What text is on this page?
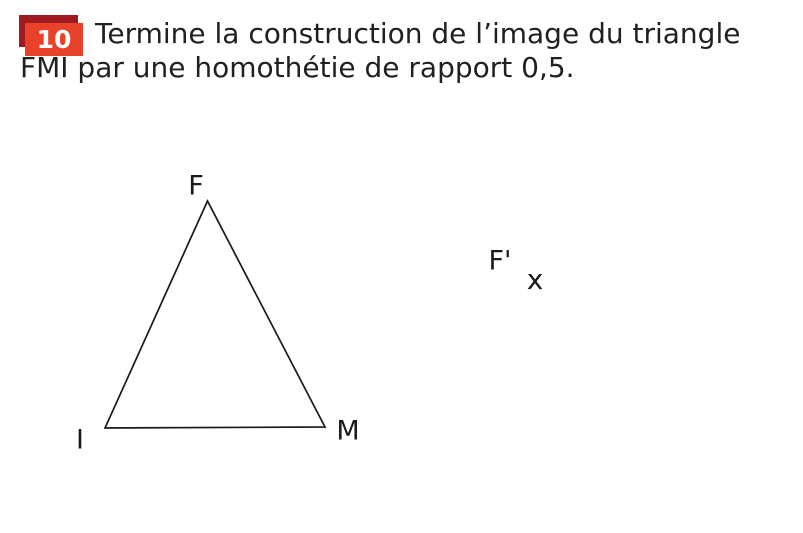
10 Termine la construction de l’image du triangle
FMI par une homothétie de rapport 0,5.
F
I	M
F'
x
